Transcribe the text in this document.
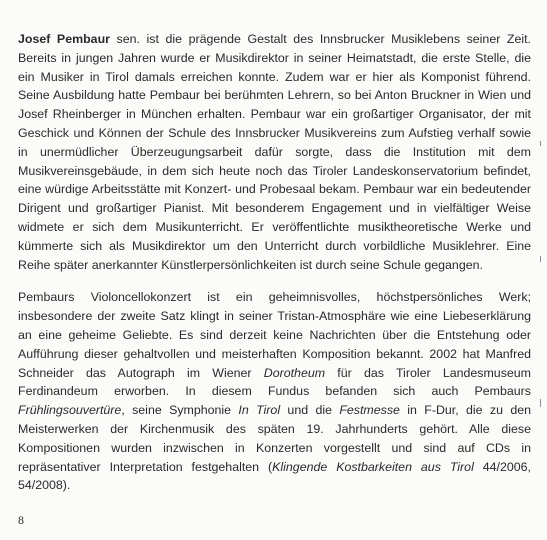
Josef Pembaur sen. ist die prägende Gestalt des Innsbrucker Musiklebens seiner Zeit. Bereits in jungen Jahren wurde er Musikdirektor in seiner Heimatstadt, die erste Stelle, die ein Musiker in Tirol damals erreichen konnte. Zudem war er hier als Komponist führend. Seine Ausbildung hatte Pembaur bei berühmten Lehrern, so bei Anton Bruckner in Wien und Josef Rheinberger in München erhalten. Pembaur war ein großartiger Organisator, der mit Geschick und Können der Schule des Innsbrucker Musikvereins zum Aufstieg verhalf sowie in unermüdlicher Überzeugungsarbeit dafür sorgte, dass die Institution mit dem Musikvereinsgebäude, in dem sich heute noch das Tiroler Landeskonservatorium befindet, eine würdige Arbeitsstätte mit Konzert- und Probesaal bekam. Pembaur war ein bedeutender Dirigent und großartiger Pianist. Mit besonderem Engagement und in vielfältiger Weise widmete er sich dem Musikunterricht. Er veröffentlichte musiktheoretische Werke und kümmerte sich als Musikdirektor um den Unterricht durch vorbildliche Musiklehrer. Eine Reihe später anerkannter Künstlerpersönlichkeiten ist durch seine Schule gegangen.

Pembaurs Violoncellokonzert ist ein geheimnisvolles, höchstpersönliches Werk; insbesondere der zweite Satz klingt in seiner Tristan-Atmosphäre wie eine Liebeserklärung an eine geheime Geliebte. Es sind derzeit keine Nachrichten über die Entstehung oder Aufführung dieser gehaltvollen und meisterhaften Komposition bekannt. 2002 hat Manfred Schneider das Autograph im Wiener Dorotheum für das Tiroler Landesmuseum Ferdinandeum erworben. In diesem Fundus befanden sich auch Pembaurs Frühlingsouvertüre, seine Symphonie In Tirol und die Festmesse in F-Dur, die zu den Meisterwerken der Kirchenmusik des späten 19. Jahrhunderts gehört. Alle diese Kompositionen wurden inzwischen in Konzerten vorgestellt und sind auf CDs in repräsentativer Interpretation festgehalten (Klingende Kostbarkeiten aus Tirol 44/2006, 54/2008).

8
